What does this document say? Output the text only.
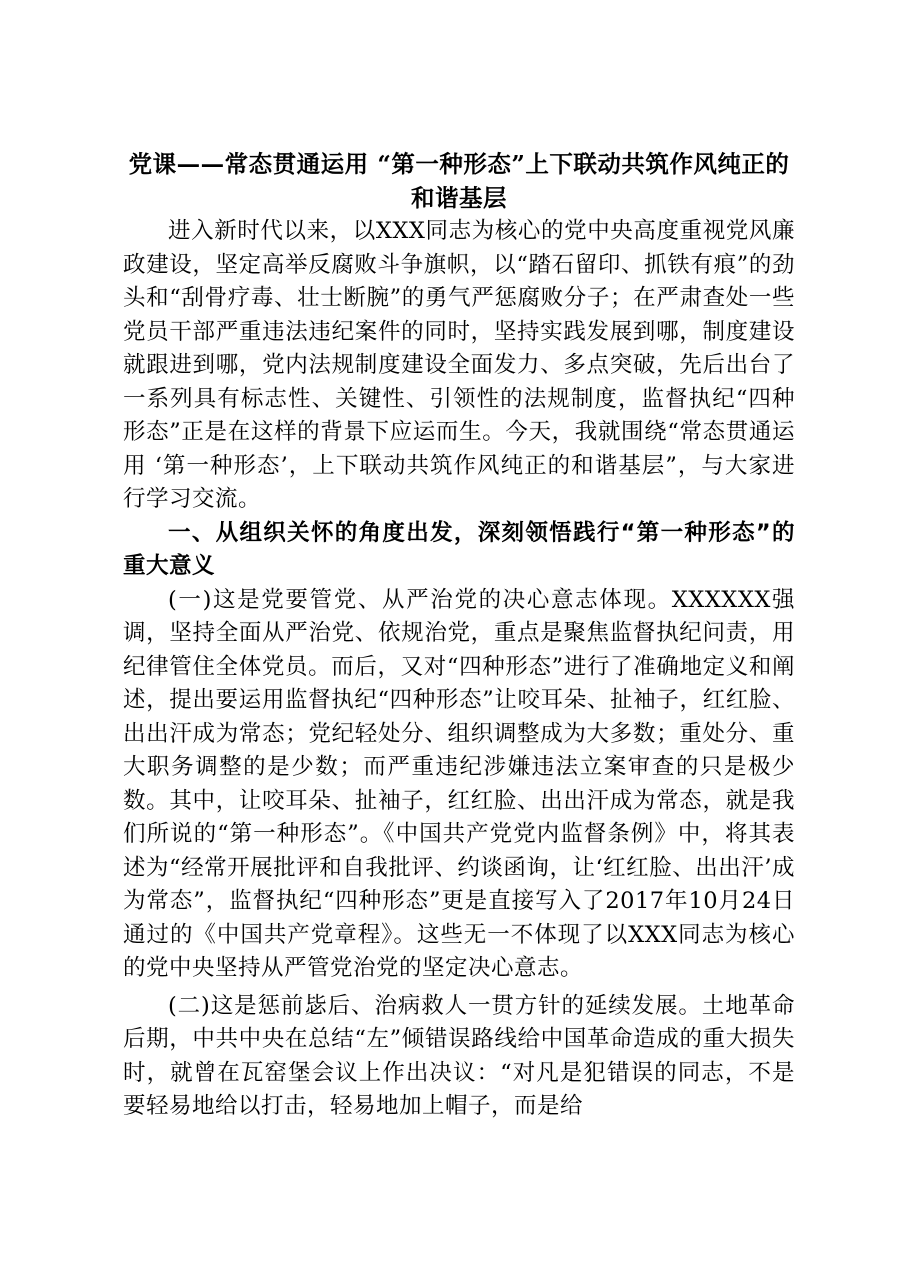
党课——常态贯通运用 “第一种形态”上下联动共筑作风纯正的和谐基层

进入新时代以来，以XXX同志为核心的党中央高度重视党风廉政建设，坚定高举反腐败斗争旗帜，以“踏石留印、抓铁有痕”的劲头和“刮骨疗毒、壮士断腕”的勇气严惩腐败分子；在严肃查处一些党员干部严重违法违纪案件的同时，坚持实践发展到哪，制度建设就跟进到哪，党内法规制度建设全面发力、多点突破，先后出台了一系列具有标志性、关键性、引领性的法规制度，监督执纪“四种形态”正是在这样的背景下应运而生。今天，我就围绕“常态贯通运用 ‘第一种形态’，上下联动共筑作风纯正的和谐基层”，与大家进行学习交流。

一、从组织关怀的角度出发，深刻领悟践行“第一种形态”的重大意义

(一)这是党要管党、从严治党的决心意志体现。XXXXXX强调，坚持全面从严治党、依规治党，重点是聚焦监督执纪问责，用纪律管住全体党员。而后，又对“四种形态”进行了准确地定义和阐述，提出要运用监督执纪“四种形态”让咬耳朵、扯袖子，红红脸、出出汗成为常态；党纪轻处分、组织调整成为大多数；重处分、重大职务调整的是少数；而严重违纪涉嫌违法立案审查的只是极少数。其中，让咬耳朵、扯袖子，红红脸、出出汗成为常态，就是我们所说的“第一种形态”。《中国共产党党内监督条例》中，将其表述为“经常开展批评和自我批评、约谈函询，让‘红红脸、出出汗’成为常态”，监督执纪“四种形态”更是直接写入了2017年10月24日通过的《中国共产党章程》。这些无一不体现了以XXX同志为核心的党中央坚持从严管党治党的坚定决心意志。

(二)这是惩前毖后、治病救人一贯方针的延续发展。土地革命后期，中共中央在总结“左”倾错误路线给中国革命造成的重大损失时，就曾在瓦窑堡会议上作出决议：“对凡是犯错误的同志，不是要轻易地给以打击，轻易地加上帽子，而是给
